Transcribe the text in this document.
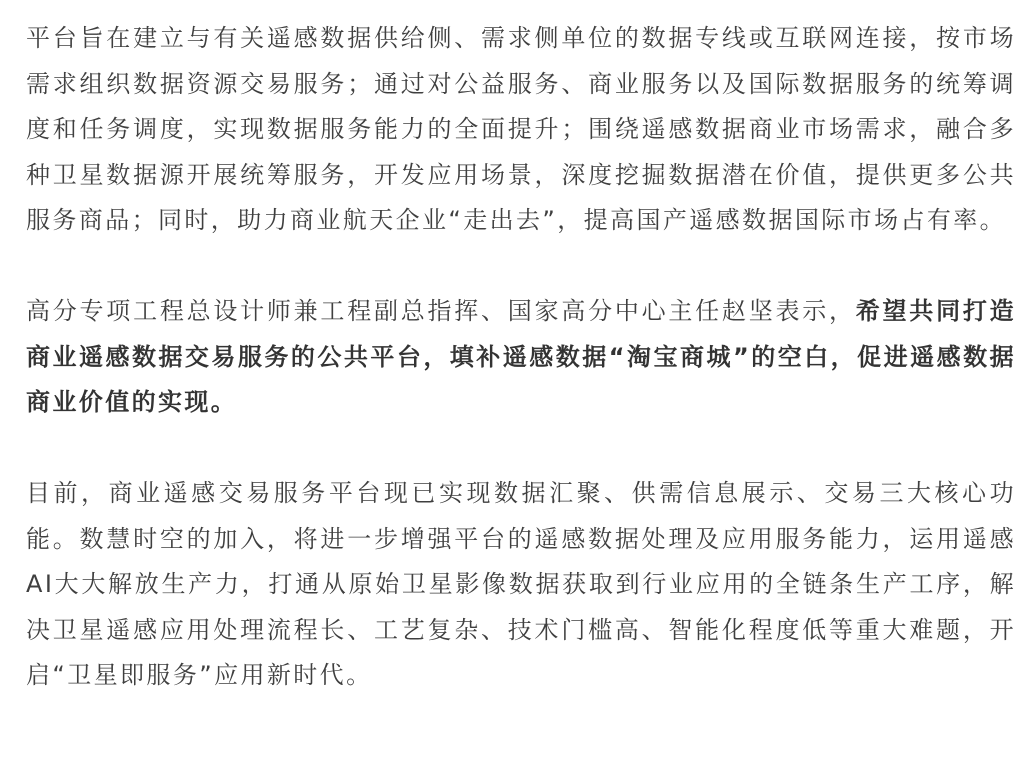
平台旨在建立与有关遥感数据供给侧、需求侧单位的数据专线或互联网连接，按市场需求组织数据资源交易服务；通过对公益服务、商业服务以及国际数据服务的统筹调度和任务调度，实现数据服务能力的全面提升；围绕遥感数据商业市场需求，融合多种卫星数据源开展统筹服务，开发应用场景，深度挖掘数据潜在价值，提供更多公共服务商品；同时，助力商业航天企业“走出去”，提高国产遥感数据国际市场占有率。

高分专项工程总设计师兼工程副总指挥、国家高分中心主任赵坚表示，希望共同打造商业遥感数据交易服务的公共平台，填补遥感数据“淘宝商城”的空白，促进遥感数据商业价值的实现。

目前，商业遥感交易服务平台现已实现数据汇聚、供需信息展示、交易三大核心功能。数慧时空的加入，将进一步增强平台的遥感数据处理及应用服务能力，运用遥感AI大大解放生产力，打通从原始卫星影像数据获取到行业应用的全链条生产工序，解决卫星遥感应用处理流程长、工艺复杂、技术门槛高、智能化程度低等重大难题，开启“卫星即服务”应用新时代。
